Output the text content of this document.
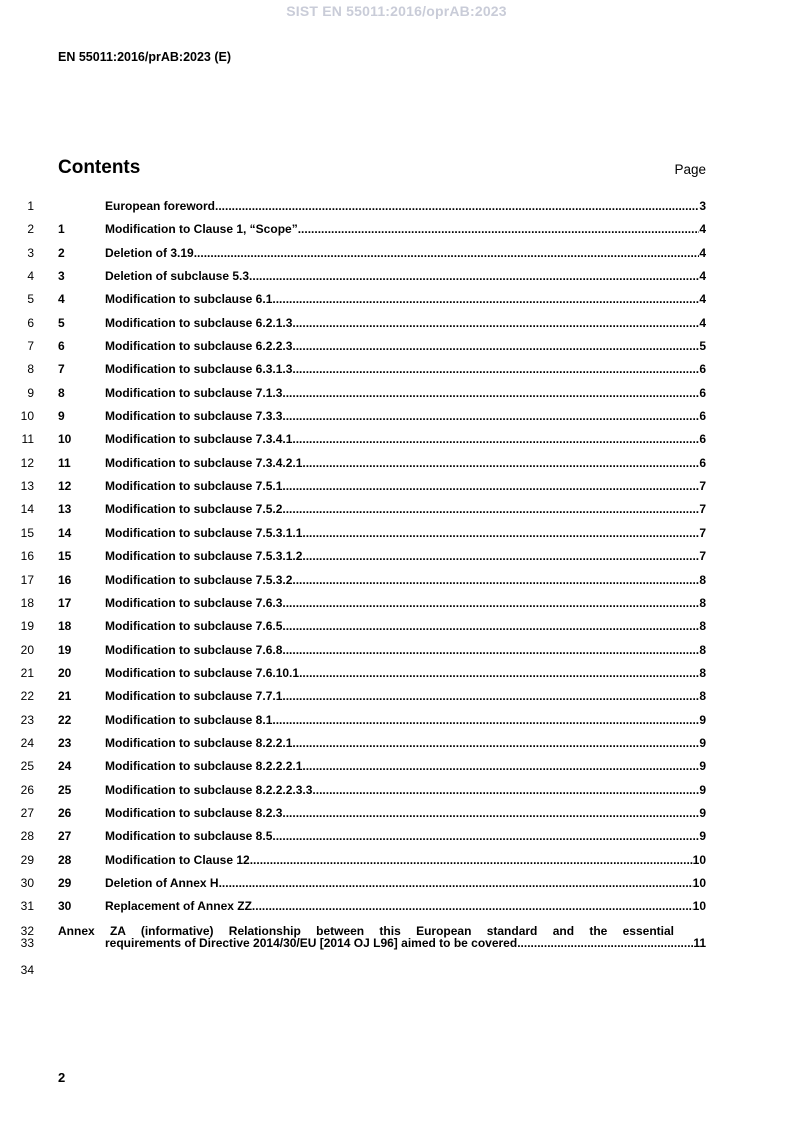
SIST EN 55011:2016/oprAB:2023
EN 55011:2016/prAB:2023 (E)
Contents	Page
1	European foreword .....	3
2 1	Modification to Clause 1, “Scope” .....	4
3 2	Deletion of 3.19 .....	4
4 3	Deletion of subclause 5.3 .....	4
5 4	Modification to subclause 6.1 .....	4
6 5	Modification to subclause 6.2.1.3 .....	4
7 6	Modification to subclause 6.2.2.3 .....	5
8 7	Modification to subclause 6.3.1.3 .....	6
9 8	Modification to subclause 7.1.3 .....	6
10 9	Modification to subclause 7.3.3 .....	6
11 10	Modification to subclause 7.3.4.1 .....	6
12 11	Modification to subclause 7.3.4.2.1 .....	6
13 12	Modification to subclause 7.5.1 .....	7
14 13	Modification to subclause 7.5.2 .....	7
15 14	Modification to subclause 7.5.3.1.1 .....	7
16 15	Modification to subclause 7.5.3.1.2 .....	7
17 16	Modification to subclause 7.5.3.2 .....	8
18 17	Modification to subclause 7.6.3 .....	8
19 18	Modification to subclause 7.6.5 .....	8
20 19	Modification to subclause 7.6.8 .....	8
21 20	Modification to subclause 7.6.10.1 .....	8
22 21	Modification to subclause 7.7.1 .....	8
23 22	Modification to subclause 8.1 .....	9
24 23	Modification to subclause 8.2.2.1 .....	9
25 24	Modification to subclause 8.2.2.2.1 .....	9
26 25	Modification to subclause 8.2.2.2.3.3 .....	9
27 26	Modification to subclause 8.2.3 .....	9
28 27	Modification to subclause 8.5 .....	9
29 28	Modification to Clause 12 .....	10
30 29	Deletion of Annex H .....	10
31 30	Replacement of Annex ZZ .....	10
32
33
Annex ZA (informative) Relationship between this European standard and the essential
requirements of Directive 2014/30/EU [2014 OJ L96] aimed to be covered .....	11
34
2
